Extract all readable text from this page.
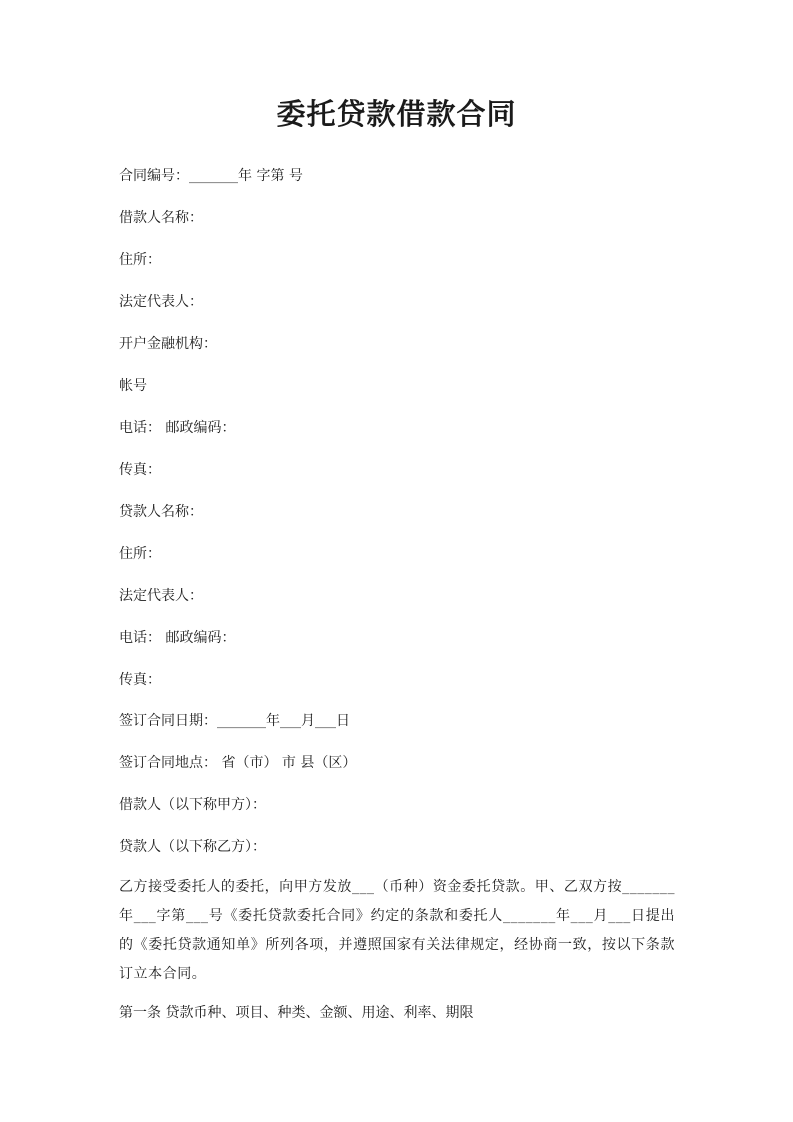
委托贷款借款合同
合同编号：_______年 字第 号
借款人名称：
住所：
法定代表人：
开户金融机构：
帐号
电话： 邮政编码：
传真：
贷款人名称：
住所：
法定代表人：
电话： 邮政编码：
传真：
签订合同日期：_______年___月___日
签订合同地点： 省（市） 市 县（区）
借款人（以下称甲方）：
贷款人（以下称乙方）：
乙方接受委托人的委托，向甲方发放___（币种）资金委托贷款。甲、乙双方按_______年___字第___号《委托贷款委托合同》约定的条款和委托人_______年___月___日提出的《委托贷款通知单》所列各项，并遵照国家有关法律规定，经协商一致，按以下条款订立本合同。
第一条 贷款币种、项目、种类、金额、用途、利率、期限
